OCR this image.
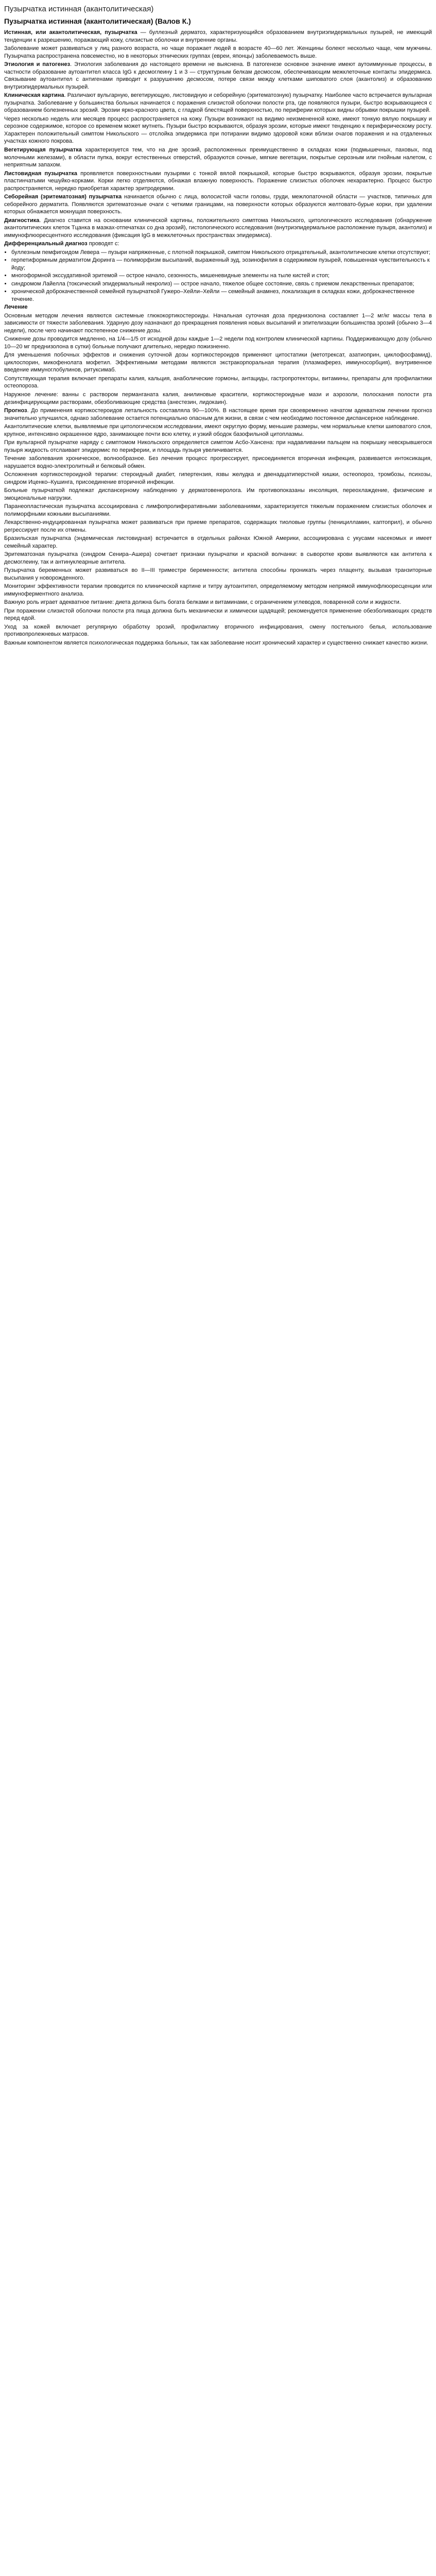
Пузырчатка истинная (акантолитическая)
Пузырчатка истинная (акантолитическая) (Валов К.)

Истинная, или акантолитическая, пузырчатка — буллезный дерматоз, характеризующийся образованием внутриэпидермальных пузырей, не имеющий тенденции к разрешению, поражающий кожу, слизистые оболочки и внутренние органы.

Заболевание может развиваться у лиц разного возраста, но чаще поражает людей в возрасте 40—60 лет. Женщины болеют несколько чаще, чем мужчины. Пузырчатка распространена повсеместно, но в некоторых этнических группах (евреи, японцы) заболеваемость выше.

Этиология и патогенез. Этиология заболевания до настоящего времени не выяснена. В патогенезе основное значение имеют аутоиммунные процессы, в частности образование аутоантител класса IgG к десмоглеину 1 и 3 — структурным белкам десмосом, обеспечивающим межклеточные контакты эпидермиса. Связывание аутоантител с антигенами приводит к разрушению десмосом, потере связи между клетками шиповатого слоя (акантолиз) и образованию внутриэпидермальных пузырей.

Клиническая картина. Различают вульгарную, вегетирующую, листовидную и себорейную (эритематозную) пузырчатку. Наиболее часто встречается вульгарная пузырчатка. Заболевание у большинства больных начинается с поражения слизистой оболочки полости рта, где появляются пузыри, быстро вскрывающиеся с образованием болезненных эрозий. Эрозии ярко-красного цвета, с гладкой блестящей поверхностью, по периферии которых видны обрывки покрышки пузырей.

Через несколько недель или месяцев процесс распространяется на кожу. Пузыри возникают на видимо неизмененной коже, имеют тонкую вялую покрышку и серозное содержимое, которое со временем может мутнеть. Пузыри быстро вскрываются, образуя эрозии, которые имеют тенденцию к периферическому росту. Характерен положительный симптом Никольского — отслойка эпидермиса при потирании видимо здоровой кожи вблизи очагов поражения и на отдаленных участках кожного покрова.

Вегетирующая пузырчатка характеризуется тем, что на дне эрозий, расположенных преимущественно в складках кожи (подмышечных, паховых, под молочными железами), в области пупка, вокруг естественных отверстий, образуются сочные, мягкие вегетации, покрытые серозным или гнойным налетом, с неприятным запахом.

Листовидная пузырчатка проявляется поверхностными пузырями с тонкой вялой покрышкой, которые быстро вскрываются, образуя эрозии, покрытые пластинчатыми чешуйко-корками. Корки легко отделяются, обнажая влажную поверхность. Поражение слизистых оболочек нехарактерно. Процесс быстро распространяется, нередко приобретая характер эритродермии.

Себорейная (эритематозная) пузырчатка начинается обычно с лица, волосистой части головы, груди, межлопаточной области — участков, типичных для себорейного дерматита. Появляются эритематозные очаги с четкими границами, на поверхности которых образуются желтовато-бурые корки, при удалении которых обнажается мокнущая поверхность.

Диагностика. Диагноз ставится на основании клинической картины, положительного симптома Никольского, цитологического исследования (обнаружение акантолитических клеток Тцанка в мазках-отпечатках со дна эрозий), гистологического исследования (внутриэпидермальное расположение пузыря, акантолиз) и иммунофлюоресцентного исследования (фиксация IgG в межклеточных пространствах эпидермиса).

Дифференциальный диагноз проводят с:

• буллезным пемфигоидом Левера — пузыри напряженные, с плотной покрышкой, симптом Никольского отрицательный, акантолитические клетки отсутствуют;
• герпетиформным дерматитом Дюринга — полиморфизм высыпаний, выраженный зуд, эозинофилия в содержимом пузырей, повышенная чувствительность к йоду;
• многоформной экссудативной эритемой — острое начало, сезонность, мишеневидные элементы на тыле кистей и стоп;
• синдромом Лайелла (токсический эпидермальный некролиз) — острое начало, тяжелое общее состояние, связь с приемом лекарственных препаратов;
• хронической доброкачественной семейной пузырчаткой Гужеро–Хейли–Хейли — семейный анамнез, локализация в складках кожи, доброкачественное течение.

Лечение

Основным методом лечения являются системные глюкокортикостероиды. Начальная суточная доза преднизолона составляет 1—2 мг/кг массы тела в зависимости от тяжести заболевания. Ударную дозу назначают до прекращения появления новых высыпаний и эпителизации большинства эрозий (обычно 3—4 недели), после чего начинают постепенное снижение дозы.

Снижение дозы проводится медленно, на 1/4—1/5 от исходной дозы каждые 1—2 недели под контролем клинической картины. Поддерживающую дозу (обычно 10—20 мг преднизолона в сутки) больные получают длительно, нередко пожизненно.

Для уменьшения побочных эффектов и снижения суточной дозы кортикостероидов применяют цитостатики (метотрексат, азатиоприн, циклофосфамид), циклоспорин, микофенолата мофетил. Эффективными методами являются экстракорпоральная терапия (плазмаферез, иммуносорбция), внутривенное введение иммуноглобулинов, ритуксимаб.

Сопутствующая терапия включает препараты калия, кальция, анаболические гормоны, антациды, гастропротекторы, витамины, препараты для профилактики остеопороза.

Наружное лечение: ванны с раствором перманганата калия, анилиновые красители, кортикостероидные мази и аэрозоли, полоскания полости рта дезинфицирующими растворами, обезболивающие средства (анестезин, лидокаин).

Прогноз. До применения кортикостероидов летальность составляла 90—100%. В настоящее время при своевременно начатом адекватном лечении прогноз значительно улучшился, однако заболевание остается потенциально опасным для жизни, в связи с чем необходимо постоянное диспансерное наблюдение.

Акантолитические клетки, выявляемые при цитологическом исследовании, имеют округлую форму, меньшие размеры, чем нормальные клетки шиповатого слоя, крупное, интенсивно окрашенное ядро, занимающее почти всю клетку, и узкий ободок базофильной цитоплазмы.

При вульгарной пузырчатке наряду с симптомом Никольского определяется симптом Асбо-Хансена: при надавливании пальцем на покрышку невскрывшегося пузыря жидкость отслаивает эпидермис по периферии, и площадь пузыря увеличивается.

Течение заболевания хроническое, волнообразное. Без лечения процесс прогрессирует, присоединяется вторичная инфекция, развивается интоксикация, нарушается водно-электролитный и белковый обмен.

Осложнения кортикостероидной терапии: стероидный диабет, гипертензия, язвы желудка и двенадцатиперстной кишки, остеопороз, тромбозы, психозы, синдром Иценко–Кушинга, присоединение вторичной инфекции.

Больные пузырчаткой подлежат диспансерному наблюдению у дерматовенеролога. Им противопоказаны инсоляция, переохлаждение, физические и эмоциональные нагрузки.

Паранеопластическая пузырчатка ассоциирована с лимфопролиферативными заболеваниями, характеризуется тяжелым поражением слизистых оболочек и полиморфными кожными высыпаниями.

Лекарственно-индуцированная пузырчатка может развиваться при приеме препаратов, содержащих тиоловые группы (пеницилламин, каптоприл), и обычно регрессирует после их отмены.

Бразильская пузырчатка (эндемическая листовидная) встречается в отдельных районах Южной Америки, ассоциирована с укусами насекомых и имеет семейный характер.

Эритематозная пузырчатка (синдром Сенира–Ашера) сочетает признаки пузырчатки и красной волчанки: в сыворотке крови выявляются как антитела к десмоглеину, так и антинуклеарные антитела.

Пузырчатка беременных может развиваться во II—III триместре беременности; антитела способны проникать через плаценту, вызывая транзиторные высыпания у новорожденного.

Мониторинг эффективности терапии проводится по клинической картине и титру аутоантител, определяемому методом непрямой иммунофлюоресценции или иммуноферментного анализа.

Важную роль играет адекватное питание: диета должна быть богата белками и витаминами, с ограничением углеводов, поваренной соли и жидкости.

При поражении слизистой оболочки полости рта пища должна быть механически и химически щадящей; рекомендуется применение обезболивающих средств перед едой.

Уход за кожей включает регулярную обработку эрозий, профилактику вторичного инфицирования, смену постельного белья, использование противопролежневых матрасов.

Важным компонентом является психологическая поддержка больных, так как заболевание носит хронический характер и существенно снижает качество жизни.
